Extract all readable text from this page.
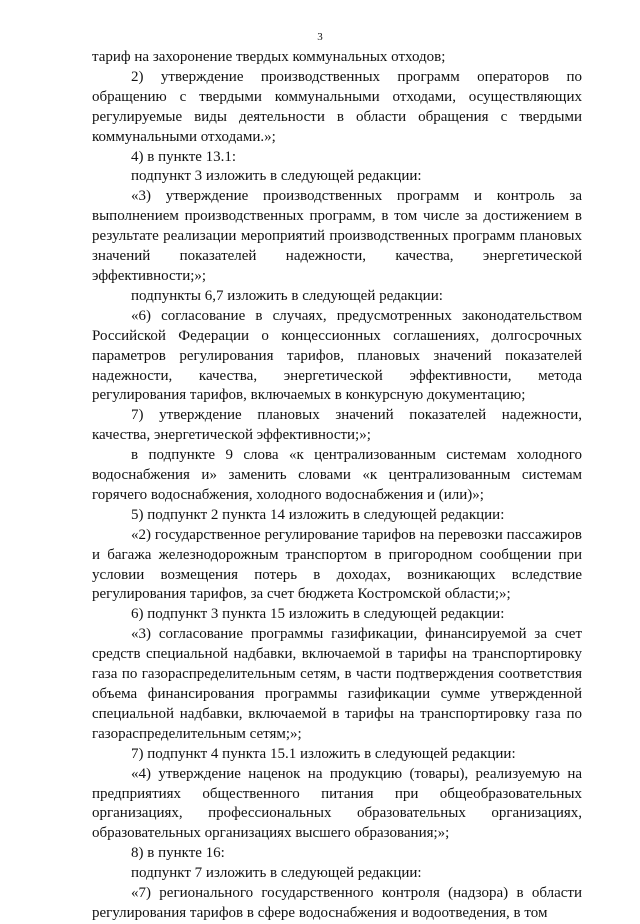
3

тариф на захоронение твердых коммунальных отходов;

2) утверждение производственных программ операторов по обращению с твердыми коммунальными отходами, осуществляющих регулируемые виды деятельности в области обращения с твердыми коммунальными отходами.»;

4) в пункте 13.1:

подпункт 3 изложить в следующей редакции:

«3) утверждение производственных программ и контроль за выполнением производственных программ, в том числе за достижением в результате реализации мероприятий производственных программ плановых значений показателей надежности, качества, энергетической эффективности;»;

подпункты 6,7 изложить в следующей редакции:

«6) согласование в случаях, предусмотренных законодательством Российской Федерации о концессионных соглашениях, долгосрочных параметров регулирования тарифов, плановых значений показателей надежности, качества, энергетической эффективности, метода регулирования тарифов, включаемых в конкурсную документацию;

7) утверждение плановых значений показателей надежности, качества, энергетической эффективности;»;

в подпункте 9 слова «к централизованным системам холодного водоснабжения и» заменить словами «к централизованным системам горячего водоснабжения, холодного водоснабжения и (или)»;

5) подпункт 2 пункта 14 изложить в следующей редакции:

«2) государственное регулирование тарифов на перевозки пассажиров и багажа железнодорожным транспортом в пригородном сообщении при условии возмещения потерь в доходах, возникающих вследствие регулирования тарифов, за счет бюджета Костромской области;»;

6) подпункт 3 пункта 15 изложить в следующей редакции:

«3) согласование программы газификации, финансируемой за счет средств специальной надбавки, включаемой в тарифы на транспортировку газа по газораспределительным сетям, в части подтверждения соответствия объема финансирования программы газификации сумме утвержденной специальной надбавки, включаемой в тарифы на транспортировку газа по газораспределительным сетям;»;

7) подпункт 4 пункта 15.1 изложить в следующей редакции:

«4) утверждение наценок на продукцию (товары), реализуемую на предприятиях общественного питания при общеобразовательных организациях, профессиональных образовательных организациях, образовательных организациях высшего образования;»;

8) в пункте 16:

подпункт 7 изложить в следующей редакции:

«7) регионального государственного контроля (надзора) в области регулирования тарифов в сфере водоснабжения и водоотведения, в том
